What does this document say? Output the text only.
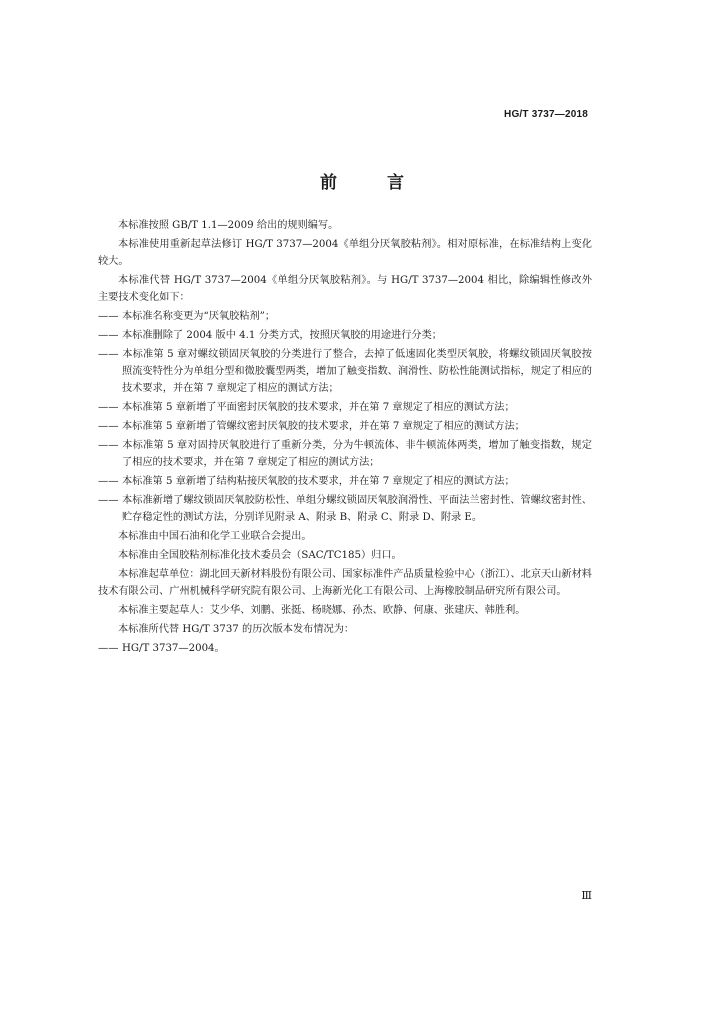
HG/T 3737—2018
前 言
本标准按照 GB/T 1.1—2009 给出的规则编写。
本标准使用重新起草法修订 HG/T 3737—2004《单组分厌氧胶粘剂》。相对原标准，在标准结构上变化较大。
本标准代替 HG/T 3737—2004《单组分厌氧胶粘剂》。与 HG/T 3737—2004 相比，除编辑性修改外主要技术变化如下：
—— 本标准名称变更为“厌氧胶粘剂”；
—— 本标准删除了 2004 版中 4.1 分类方式，按照厌氧胶的用途进行分类；
—— 本标准第 5 章对螺纹锁固厌氧胶的分类进行了整合，去掉了低速固化类型厌氧胶，将螺纹锁固厌氧胶按照流变特性分为单组分型和微胶囊型两类，增加了触变指数、润滑性、防松性能测试指标，规定了相应的技术要求，并在第 7 章规定了相应的测试方法；
—— 本标准第 5 章新增了平面密封厌氧胶的技术要求，并在第 7 章规定了相应的测试方法；
—— 本标准第 5 章新增了管螺纹密封厌氧胶的技术要求，并在第 7 章规定了相应的测试方法；
—— 本标准第 5 章对固持厌氧胶进行了重新分类，分为牛顿流体、非牛顿流体两类，增加了触变指数，规定了相应的技术要求，并在第 7 章规定了相应的测试方法；
—— 本标准第 5 章新增了结构粘接厌氧胶的技术要求，并在第 7 章规定了相应的测试方法；
—— 本标准新增了螺纹锁固厌氧胶防松性、单组分螺纹锁固厌氧胶润滑性、平面法兰密封性、管螺纹密封性、贮存稳定性的测试方法，分别详见附录 A、附录 B、附录 C、附录 D、附录 E。
本标准由中国石油和化学工业联合会提出。
本标准由全国胶粘剂标准化技术委员会（SAC/TC185）归口。
本标准起草单位：湖北回天新材料股份有限公司、国家标准件产品质量检验中心（浙江）、北京天山新材料技术有限公司、广州机械科学研究院有限公司、上海新光化工有限公司、上海橡胶制品研究所有限公司。
本标准主要起草人：艾少华、刘鹏、张挺、杨晓娜、孙杰、欧静、何康、张建庆、韩胜利。
本标准所代替 HG/T 3737 的历次版本发布情况为：
—— HG/T 3737—2004。
Ⅲ
